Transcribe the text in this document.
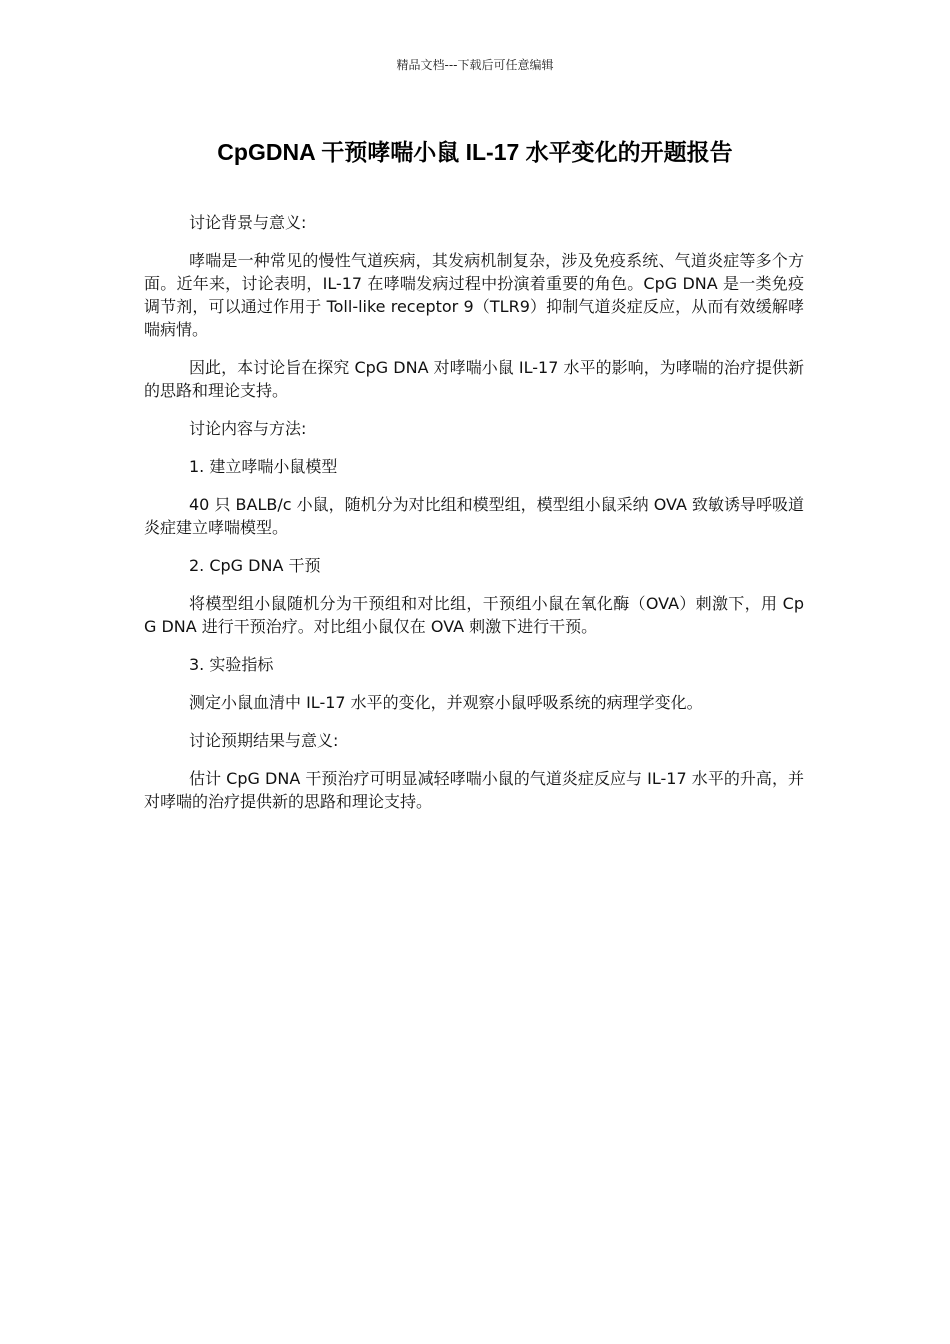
精品文档---下载后可任意编辑
CpGDNA 干预哮喘小鼠 IL-17 水平变化的开题报告

讨论背景与意义:

哮喘是一种常见的慢性气道疾病，其发病机制复杂，涉及免疫系统、气道炎症等多个方面。近年来，讨论表明，IL-17 在哮喘发病过程中扮演着重要的角色。CpG DNA 是一类免疫调节剂，可以通过作用于 Toll-like receptor 9（TLR9）抑制气道炎症反应，从而有效缓解哮喘病情。

因此，本讨论旨在探究 CpG DNA 对哮喘小鼠 IL-17 水平的影响，为哮喘的治疗提供新的思路和理论支持。

讨论内容与方法:

1. 建立哮喘小鼠模型

40 只 BALB/c 小鼠，随机分为对比组和模型组，模型组小鼠采纳 OVA 致敏诱导呼吸道炎症建立哮喘模型。

2. CpG DNA 干预

将模型组小鼠随机分为干预组和对比组，干预组小鼠在氧化酶（OVA）刺激下，用 CpG DNA 进行干预治疗。对比组小鼠仅在 OVA 刺激下进行干预。

3. 实验指标

测定小鼠血清中 IL-17 水平的变化，并观察小鼠呼吸系统的病理学变化。

讨论预期结果与意义:

估计 CpG DNA 干预治疗可明显减轻哮喘小鼠的气道炎症反应与 IL-17 水平的升高，并对哮喘的治疗提供新的思路和理论支持。
